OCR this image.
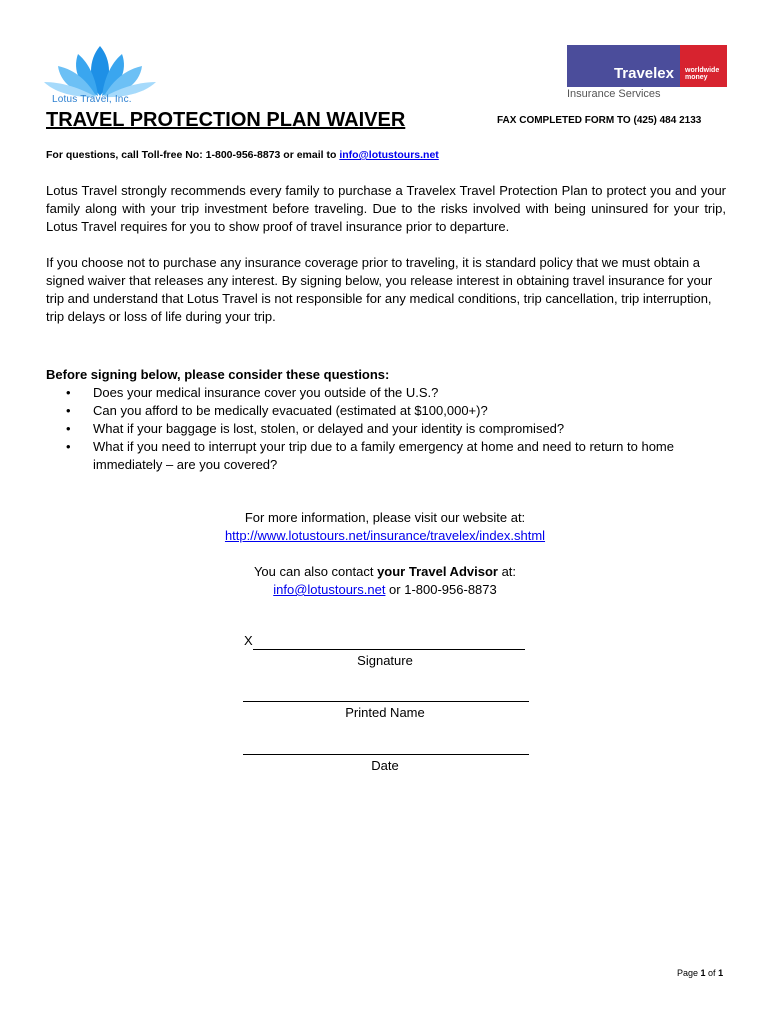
Lotus Travel, Inc.
Travelex worldwide
money
Insurance Services
TRAVEL PROTECTION PLAN WAIVER	FAX COMPLETED FORM TO (425) 484 2133
For questions, call Toll-free No: 1-800-956-8873 or email to info@lotustours.net
Lotus Travel strongly recommends every family to purchase a Travelex Travel Protection Plan to protect you and your family along with your trip investment before traveling. Due to the risks involved with being uninsured for your trip, Lotus Travel requires for you to show proof of travel insurance prior to departure.
If you choose not to purchase any insurance coverage prior to traveling, it is standard policy that we must obtain a signed waiver that releases any interest. By signing below, you release interest in obtaining travel insurance for your trip and understand that Lotus Travel is not responsible for any medical conditions, trip cancellation, trip interruption, trip delays or loss of life during your trip.
Before signing below, please consider these questions:
• Does your medical insurance cover you outside of the U.S.?
• Can you afford to be medically evacuated (estimated at $100,000+)?
• What if your baggage is lost, stolen, or delayed and your identity is compromised?
• What if you need to interrupt your trip due to a family emergency at home and need to return to home immediately – are you covered?
For more information, please visit our website at:
http://www.lotustours.net/insurance/travelex/index.shtml
You can also contact your Travel Advisor at:
info@lotustours.net or 1-800-956-8873
X
Signature
Printed Name
Date
Page 1 of 1
